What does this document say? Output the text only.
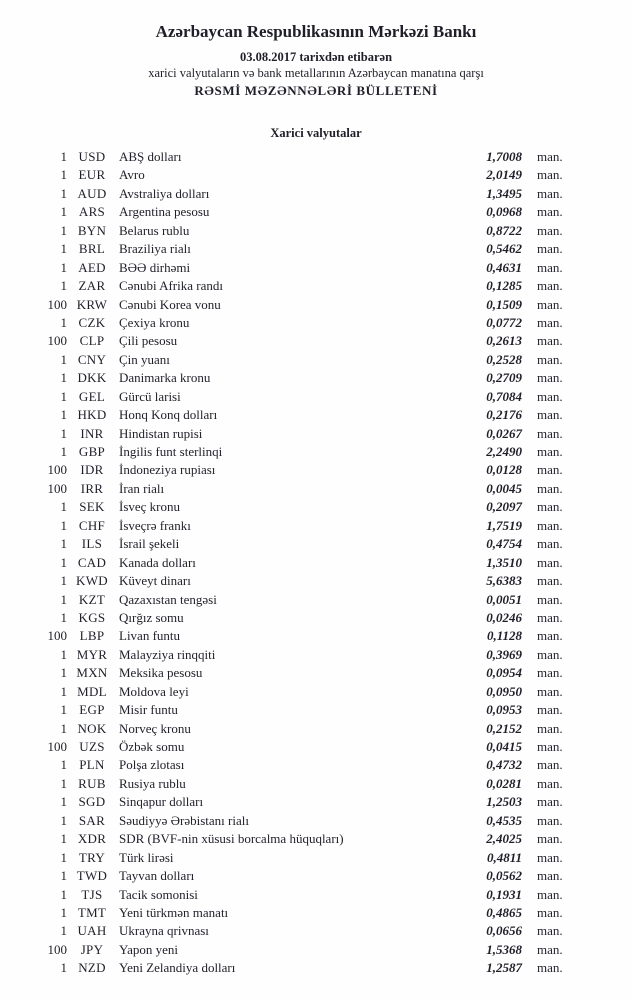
Azərbaycan Respublikasının Mərkəzi Bankı
03.08.2017 tarixdən etibarən
xarici valyutaların və bank metallarının Azərbaycan manatına qarşı
RƏSMİ MƏZƏNNƏLƏRİ BÜLLETENİ
Xarici valyutalar
1 USD	ABŞ dolları	1,7008	man.
1 EUR	Avro	2,0149	man.
1 AUD Avstraliya dolları	1,3495	man.
1 ARS	Argentina pesosu	0,0968	man.
1 BYN Belarus rublu	0,8722	man.
1 BRL	Braziliya rialı	0,5462	man.
1 AED	BƏƏ dirhəmi	0,4631	man.
1 ZAR	Cənubi Afrika randı	0,1285	man.
100 KRW Cənubi Korea vonu	0,1509	man.
1 CZK	Çexiya kronu	0,0772	man.
100 CLP	Çili pesosu	0,2613	man.
1 CNY Çin yuanı	0,2528	man.
1 DKK Danimarka kronu	0,2709	man.
1 GEL	Gürcü larisi	0,7084	man.
1 HKD Honq Konq dolları	0,2176	man.
1	INR	Hindistan rupisi	0,0267	man.
1 GBP	İngilis funt sterlinqi	2,2490	man.
100	IDR	İndoneziya rupiası	0,0128	man.
100	IRR	İran rialı	0,0045	man.
1 SEK	İsveç kronu	0,2097	man.
1 CHF	İsveçrə frankı	1,7519	man.
1	ILS	İsrail şekeli	0,4754	man.
1 CAD Kanada dolları	1,3510	man.
1 KWD Küveyt dinarı	5,6383	man.
1 KZT	Qazaxıstan tengəsi	0,0051	man.
1 KGS	Qırğız somu	0,0246	man.
100 LBP	Livan funtu	0,1128	man.
1 MYR Malayziya rinqqiti	0,3969	man.
1 MXN Meksika pesosu	0,0954	man.
1 MDL Moldova leyi	0,0950	man.
1 EGP	Misir funtu	0,0953	man.
1 NOK Norveç kronu	0,2152	man.
100 UZS	Özbək somu	0,0415	man.
1 PLN	Polşa zlotası	0,4732	man.
1 RUB	Rusiya rublu	0,0281	man.
1 SGD	Sinqapur dolları	1,2503	man.
1 SAR	Səudiyyə Ərəbistanı rialı	0,4535	man.
1 XDR SDR (BVF-nin xüsusi borcalma hüquqları)	2,4025	man.
1 TRY	Türk lirəsi	0,4811	man.
1 TWD Tayvan dolları	0,0562	man.
1	TJS	Tacik somonisi	0,1931	man.
1 TMT Yeni türkmən manatı	0,4865	man.
1 UAH Ukrayna qrivnası	0,0656	man.
100	JPY	Yapon yeni	1,5368	man.
1 NZD	Yeni Zelandiya dolları	1,2587	man.
